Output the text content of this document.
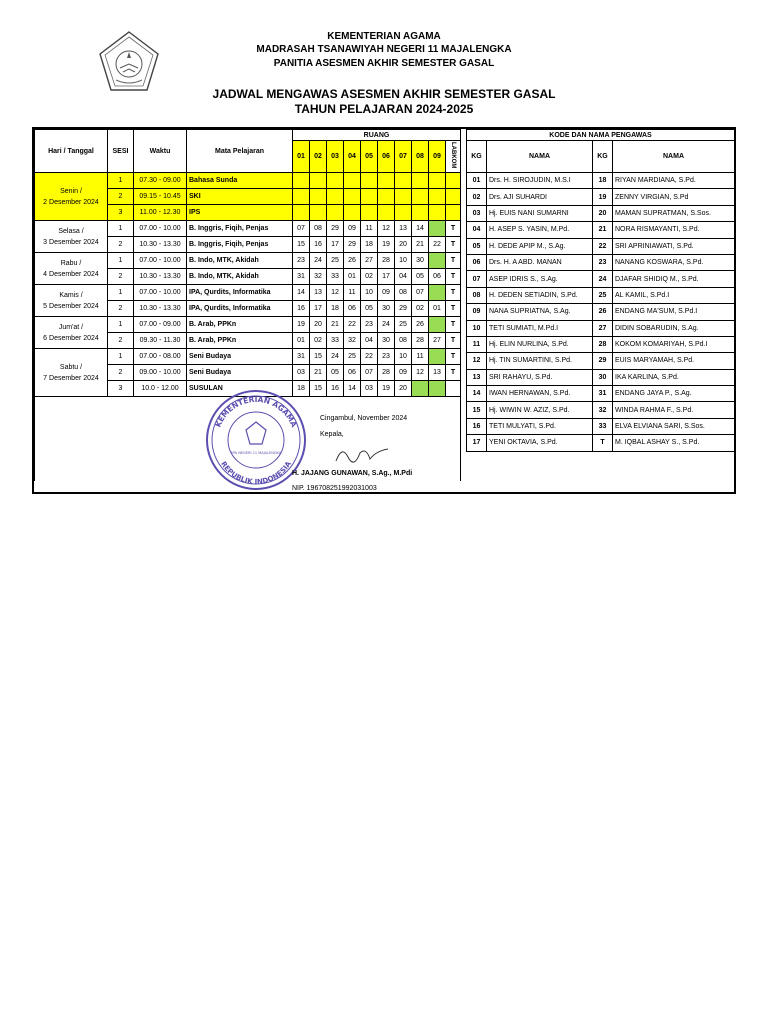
KEMENTERIAN AGAMA
MADRASAH TSANAWIYAH NEGERI 11 MAJALENGKA
PANITIA ASESMEN AKHIR SEMESTER GASAL
JADWAL MENGAWAS ASESMEN AKHIR SEMESTER GASAL
TAHUN PELAJARAN 2024-2025
Hari / Tanggal	SESI	Waktu	Mata Pelajaran	RUANG									
				01	02	03	04	05	06	07	08	09	LABKOM

Senin /
2 Desember 2024	1	07.30 - 09.00	Bahasa Sunda										
	2	09.15 - 10.45	SKI										
	3	11.00 - 12.30	IPS										

Selasa /
3 Desember 2024	1	07.00 - 10.00	B. Inggris, Fiqih, Penjas	07	08	29	09	11	12	13	14		T
	2	10.30 - 13.30	B. Inggris, Fiqih, Penjas	15	16	17	29	18	19	20	21	22	T

Rabu /
4 Desember 2024	1	07.00 - 10.00	B. Indo, MTK, Akidah	23	24	25	26	27	28	10	30		T
	2	10.30 - 13.30	B. Indo, MTK, Akidah	31	32	33	01	02	17	04	05	06	T

Kamis /
5 Desember 2024	1	07.00 - 10.00	IPA, Qurdits, Informatika	14	13	12	11	10	09	08	07		T
	2	10.30 - 13.30	IPA, Qurdits, Informatika	16	17	18	06	05	30	29	02	01	T

Jum'at /
6 Desember 2024	1	07.00 - 09.00	B. Arab, PPKn	19	20	21	22	23	24	25	26		T
	2	09.30 - 11.30	B. Arab, PPKn	01	02	33	32	04	30	08	28	27	T

Sabtu /
7 Desember 2024	1	07.00 - 08.00	Seni Budaya	31	15	24	25	22	23	10	11		T
	2	09.00 - 10.00	Seni Budaya	03	21	05	06	07	28	09	12	13	T
	3	10.0 - 12.00	SUSULAN	18	15	16	14	03	19	20			

KODE DAN NAMA PENGAWAS			
KG	NAMA	KG	NAMA
01	Drs. H. SIROJUDIN, M.S.I	18	RIYAN MARDIANA, S.Pd.
02	Drs. AJI SUHARDI	19	ZENNY VIRGIAN, S.Pd
03	Hj. EUIS NANI SUMARNI	20	MAMAN SUPRATMAN, S.Sos.
04	H. ASEP S. YASIN, M.Pd.	21	NORA RISMAYANTI, S.Pd.
05	H. DEDE APIP M., S.Ag.	22	SRI APRINIAWATI, S.Pd.
06	Drs. H. A ABD. MANAN	23	NANANG KOSWARA, S.Pd.
07	ASEP IDRIS S., S.Ag.	24	DJAFAR SHIDIQ M., S.Pd.
08	H. DEDEN SETIADIN, S.Pd.	25	AL KAMIL, S.Pd.I
09	NANA SUPRIATNA, S.Ag.	26	ENDANG MA'SUM, S.Pd.I
10	TETI SUMIATI, M.Pd.I	27	DIDIN SOBARUDIN, S.Ag.
11	Hj. ELIN NURLINA, S.Pd.	28	KOKOM KOMARIYAH, S.Pd.I
12	Hj. TIN SUMARTINI, S.Pd.	29	EUIS MARYAMAH, S.Pd.
13	SRI RAHAYU, S.Pd.	30	IKA KARLINA, S.Pd.
14	IWAN HERNAWAN, S.Pd.	31	ENDANG JAYA P., S.Ag.
15	Hj. WIWIN W. AZIZ, S.Pd.	32	WINDA RAHMA F., S.Pd.
16	TETI MULYATI, S.Pd.	33	ELVA ELVIANA SARI, S.Sos.
17	YENI OKTAVIA, S.Pd.	T	M. IQBAL ASHAY S., S.Pd.
KEMENTERIAN AGAMA
REPUBLIK INDONESIA
MTs NEGERI 11 MAJALENGKA
Cingambul, November 2024
Kepala,
H. JAJANG GUNAWAN, S.Ag., M.Pdi
NIP. 196708251992031003
